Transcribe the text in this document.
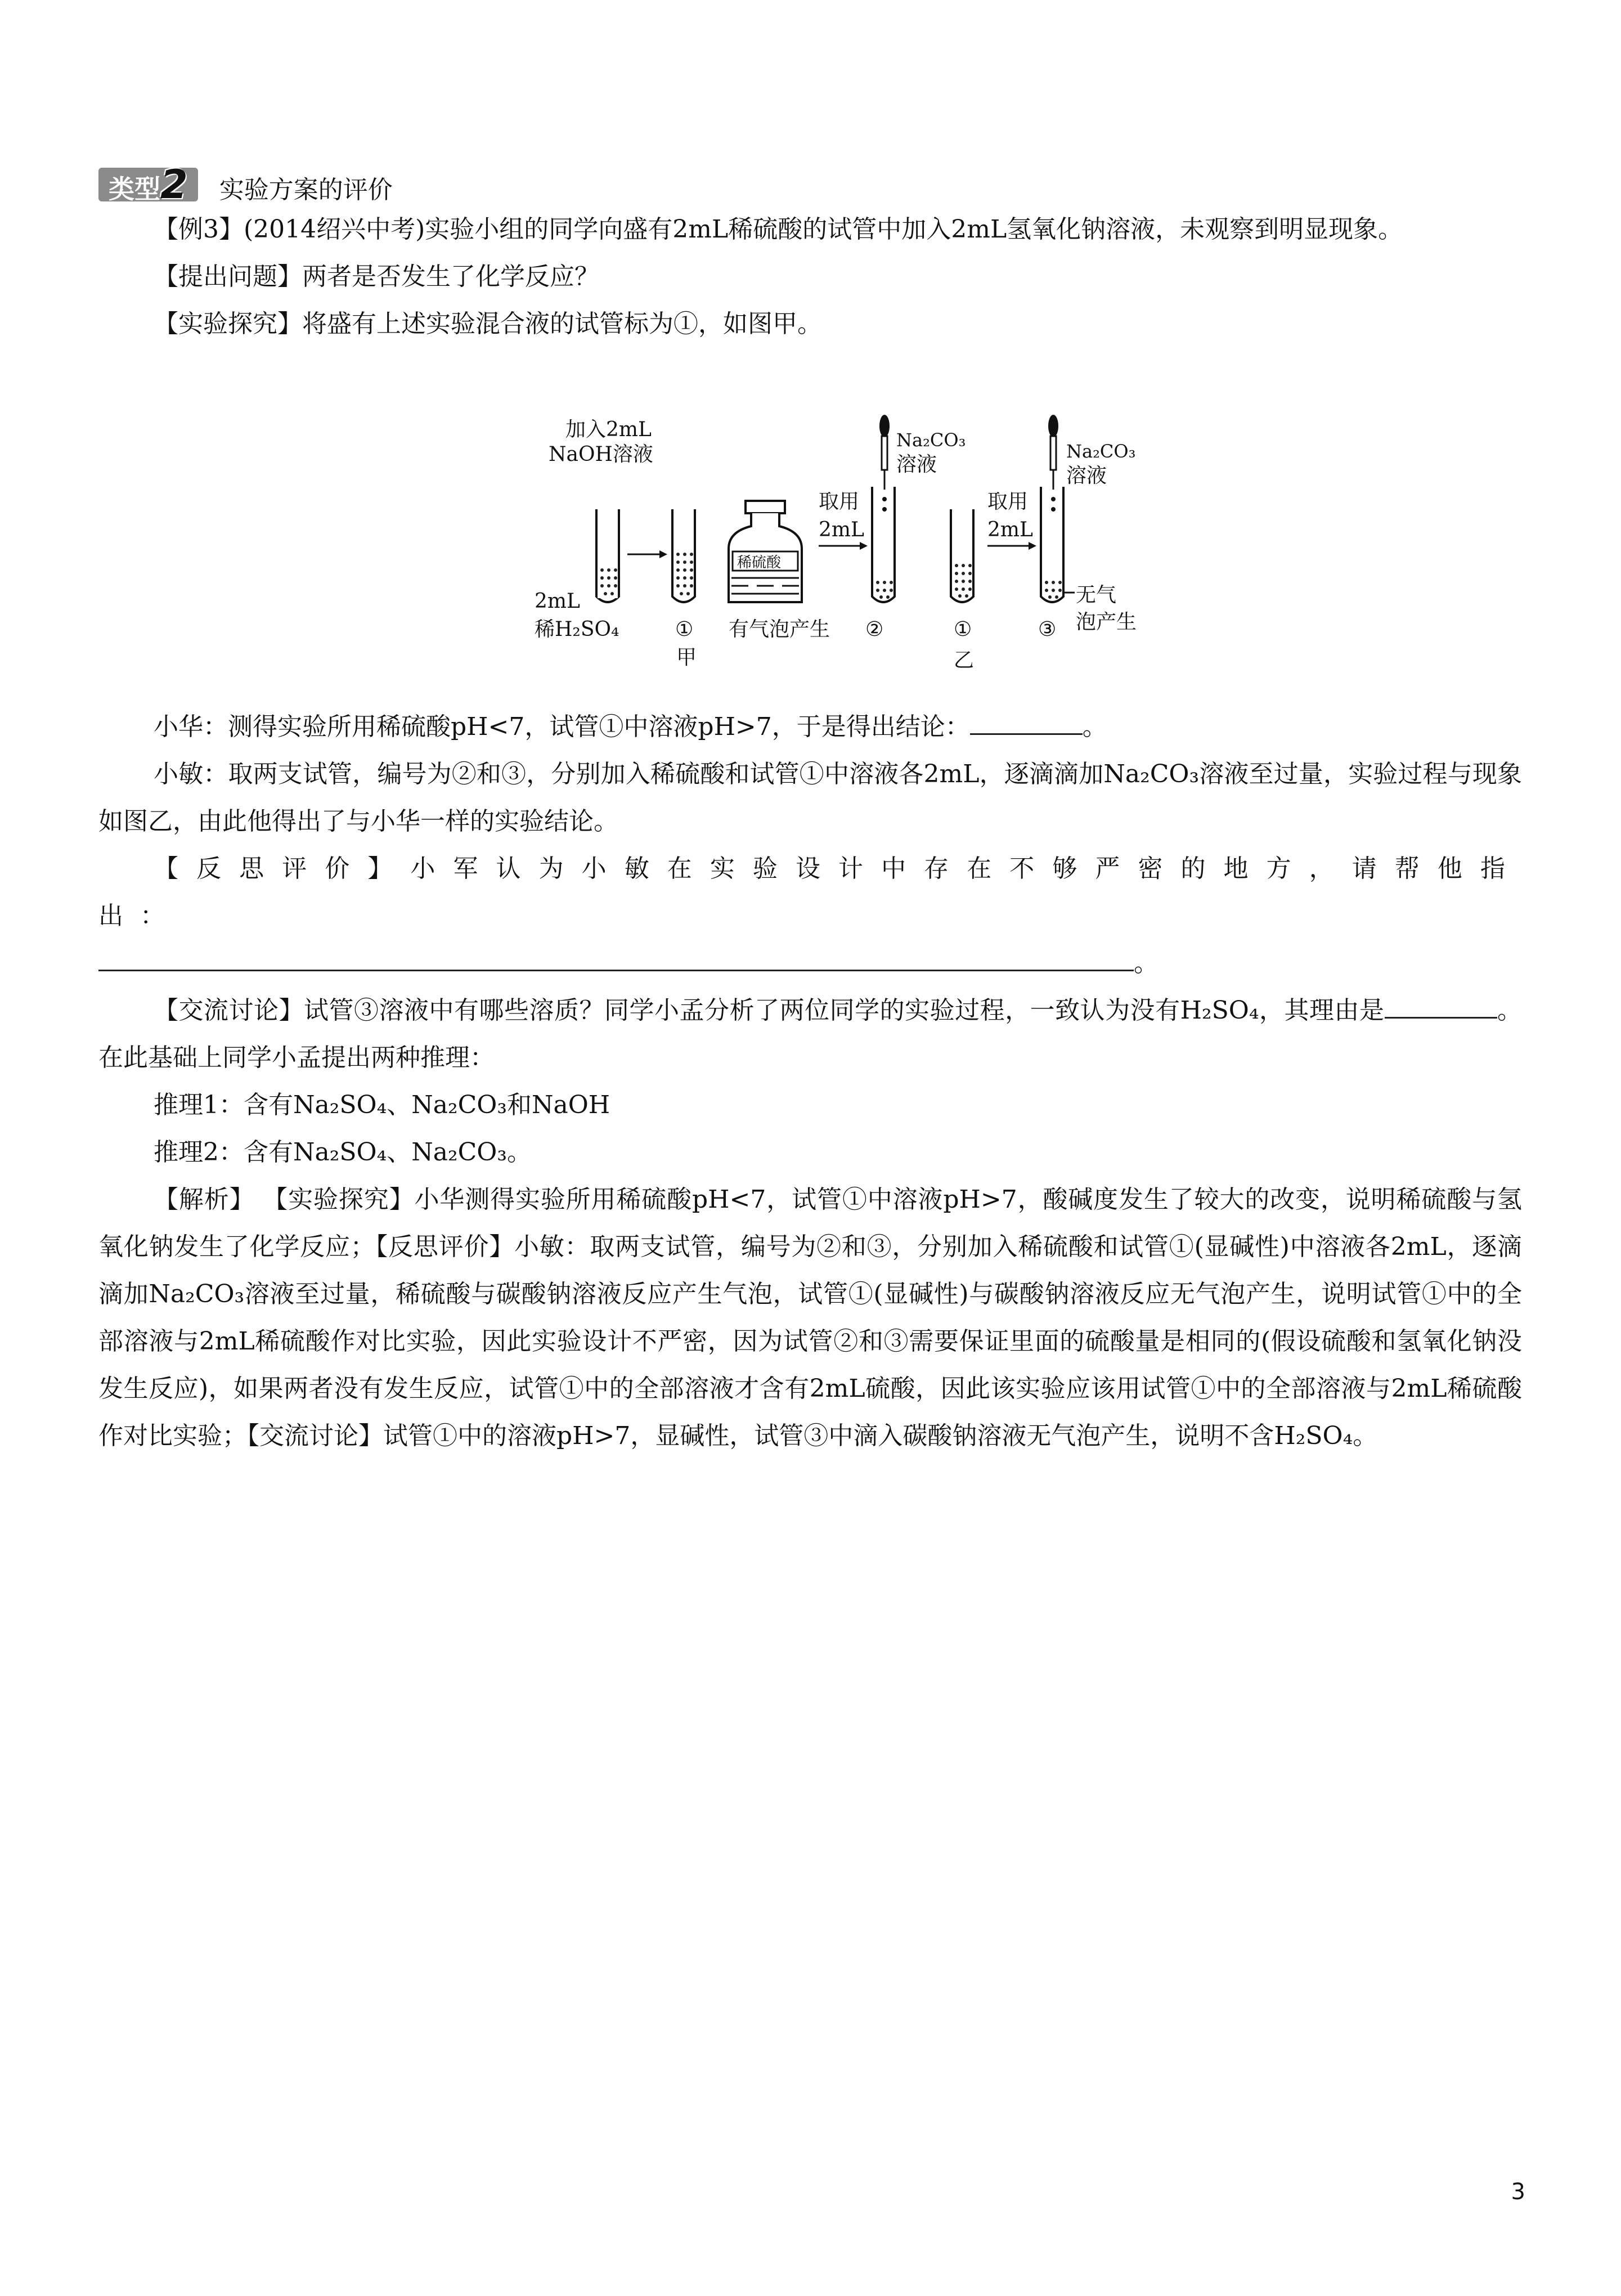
类型2 实验方案的评价

【例3】(2014绍兴中考)实验小组的同学向盛有2mL稀硫酸的试管中加入2mL氢氧化钠溶液，未观察到明显现象。

【提出问题】两者是否发生了化学反应？

【实验探究】将盛有上述实验混合液的试管标为①，如图甲。

加入2mL
NaOH溶液
2mL
稀H₂SO₄	①
甲
稀硫酸
有气泡产生
取用
2mL
Na₂CO₃
溶液
②	①
乙
取用
2mL
Na₂CO₃
溶液
无气
泡产生
③

小华：测得实验所用稀硫酸pH<7，试管①中溶液pH>7，于是得出结论：	。

小敏：取两支试管，编号为②和③，分别加入稀硫酸和试管①中溶液各2mL，逐滴滴加Na₂CO₃溶液至过量，实验过程与现象如图乙，由此他得出了与小华一样的实验结论。

【反思评价】小军认为小敏在实验设计中存在不够严密的地方，请帮他指出：

。

【交流讨论】试管③溶液中有哪些溶质？同学小孟分析了两位同学的实验过程，一致认为没有H₂SO₄，其理由是	。在此基础上同学小孟提出两种推理：

推理1：含有Na₂SO₄、Na₂CO₃和NaOH

推理2：含有Na₂SO₄、Na₂CO₃。

【解析】 【实验探究】小华测得实验所用稀硫酸pH<7，试管①中溶液pH>7，酸碱度发生了较大的改变，说明稀硫酸与氢氧化钠发生了化学反应；【反思评价】小敏：取两支试管，编号为②和③，分别加入稀硫酸和试管①(显碱性)中溶液各2mL，逐滴滴加Na₂CO₃溶液至过量，稀硫酸与碳酸钠溶液反应产生气泡，试管①(显碱性)与碳酸钠溶液反应无气泡产生，说明试管①中的全部溶液与2mL稀硫酸作对比实验，因此实验设计不严密，因为试管②和③需要保证里面的硫酸量是相同的(假设硫酸和氢氧化钠没发生反应)，如果两者没有发生反应，试管①中的全部溶液才含有2mL硫酸，因此该实验应该用试管①中的全部溶液与2mL稀硫酸作对比实验；【交流讨论】试管①中的溶液pH>7，显碱性，试管③中滴入碳酸钠溶液无气泡产生，说明不含H₂SO₄。

3
